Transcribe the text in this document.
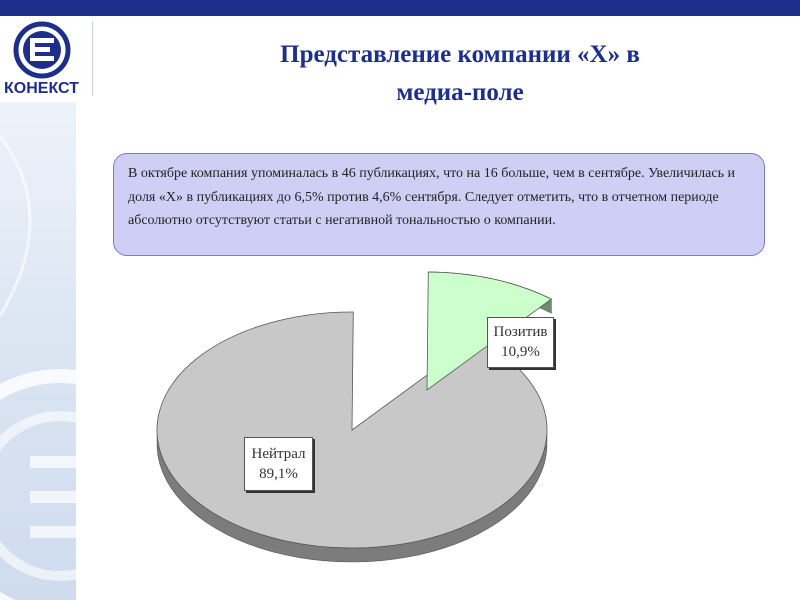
КОНЕКСТ
Представление компании «Х» в
медиа-поле
В октябре компания упоминалась в 46 публикациях, что на 16 больше, чем в сентябре. Увеличилась и доля «Х» в публикациях до 6,5% против 4,6% сентября. Следует отметить, что в отчетном периоде абсолютно отсутствуют статьи с негативной тональностью о компании.
Нейтрал
89,1%
Позитив
10,9%
